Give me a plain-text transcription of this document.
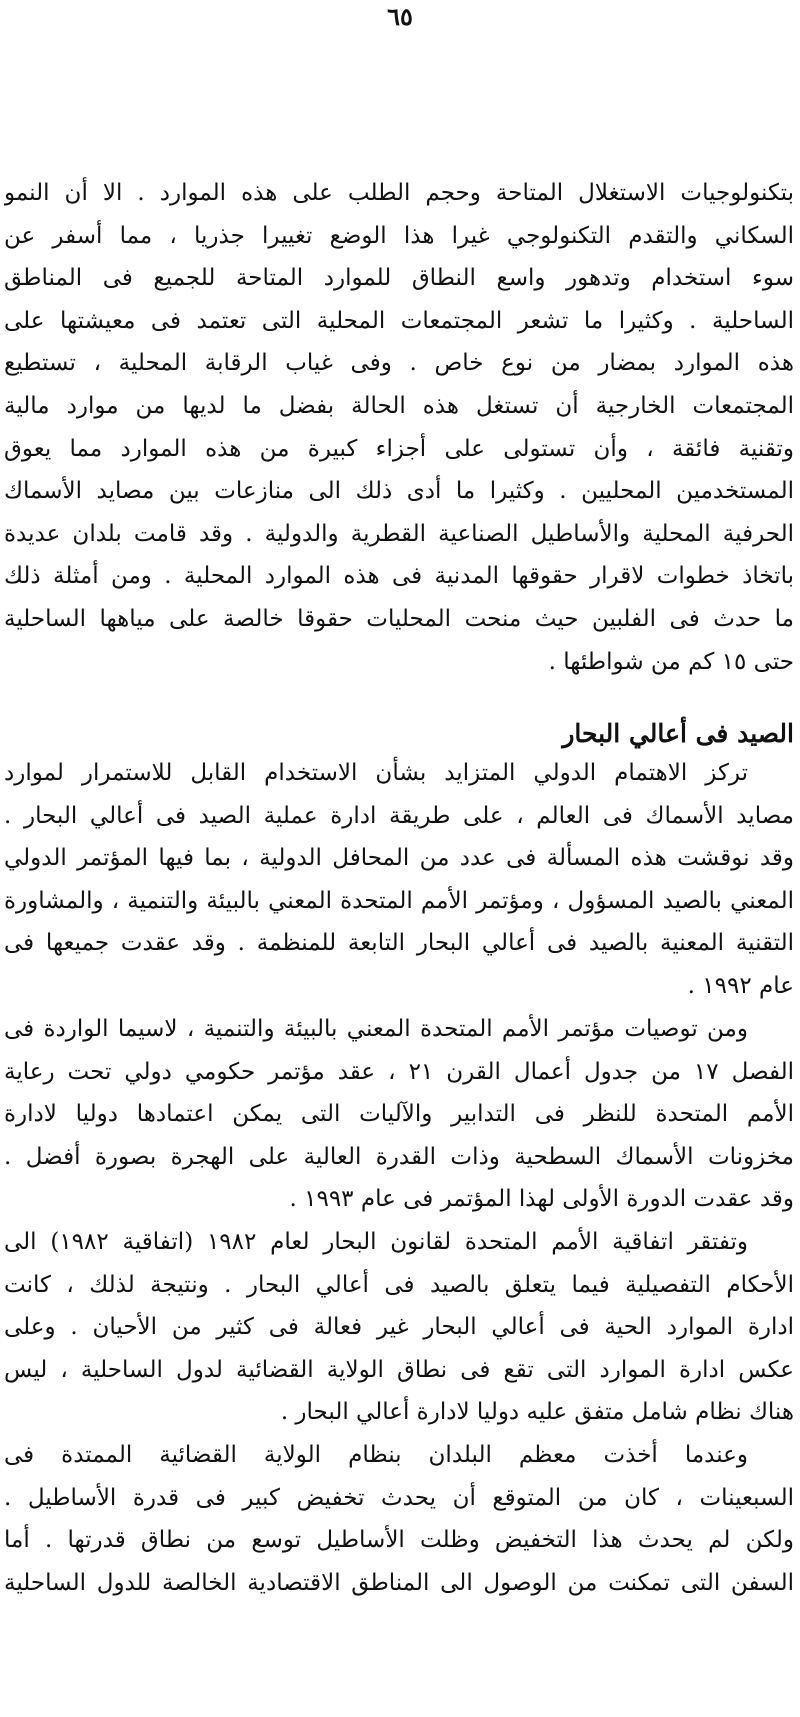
٦٥
بتكنولوجيات الاستغلال المتاحة وحجم الطلب على هذه الموارد . الا أن النمو
السكاني والتقدم التكنولوجي غيرا هذا الوضع تغييرا جذريا ، مما أسفر عن
سوء استخدام وتدهور واسع النطاق للموارد المتاحة للجميع فى المناطق
الساحلية . وكثيرا ما تشعر المجتمعات المحلية التى تعتمد فى معيشتها على
هذه الموارد بمضار من نوع خاص . وفى غياب الرقابة المحلية ، تستطيع
المجتمعات الخارجية أن تستغل هذه الحالة بفضل ما لديها من موارد مالية
وتقنية فائقة ، وأن تستولى على أجزاء كبيرة من هذه الموارد مما يعوق
المستخدمين المحليين . وكثيرا ما أدى ذلك الى منازعات بين مصايد الأسماك
الحرفية المحلية والأساطيل الصناعية القطرية والدولية . وقد قامت بلدان عديدة
باتخاذ خطوات لاقرار حقوقها المدنية فى هذه الموارد المحلية . ومن أمثلة ذلك
ما حدث فى الفلبين حيث منحت المحليات حقوقا خالصة على مياهها الساحلية
حتى ١٥ كم من شواطئها .
الصيد فى أعالي البحار
تركز الاهتمام الدولي المتزايد بشأن الاستخدام القابل للاستمرار لموارد
مصايد الأسماك فى العالم ، على طريقة ادارة عملية الصيد فى أعالي البحار .
وقد نوقشت هذه المسألة فى عدد من المحافل الدولية ، بما فيها المؤتمر الدولي
المعني بالصيد المسؤول ، ومؤتمر الأمم المتحدة المعني بالبيئة والتنمية ، والمشاورة
التقنية المعنية بالصيد فى أعالي البحار التابعة للمنظمة . وقد عقدت جميعها فى
عام ١٩٩٢ .
ومن توصيات مؤتمر الأمم المتحدة المعني بالبيئة والتنمية ، لاسيما الواردة فى
الفصل ١٧ من جدول أعمال القرن ٢١ ، عقد مؤتمر حكومي دولي تحت رعاية
الأمم المتحدة للنظر فى التدابير والآليات التى يمكن اعتمادها دوليا لادارة
مخزونات الأسماك السطحية وذات القدرة العالية على الهجرة بصورة أفضل .
وقد عقدت الدورة الأولى لهذا المؤتمر فى عام ١٩٩٣ .
وتفتقر اتفاقية الأمم المتحدة لقانون البحار لعام ١٩٨٢ (اتفاقية ١٩٨٢) الى
الأحكام التفصيلية فيما يتعلق بالصيد فى أعالي البحار . ونتيجة لذلك ، كانت
ادارة الموارد الحية فى أعالي البحار غير فعالة فى كثير من الأحيان . وعلى
عكس ادارة الموارد التى تقع فى نطاق الولاية القضائية لدول الساحلية ، ليس
هناك نظام شامل متفق عليه دوليا لادارة أعالي البحار .
وعندما أخذت معظم البلدان بنظام الولاية القضائية الممتدة فى
السبعينات ، كان من المتوقع أن يحدث تخفيض كبير فى قدرة الأساطيل .
ولكن لم يحدث هذا التخفيض وظلت الأساطيل توسع من نطاق قدرتها . أما
السفن التى تمكنت من الوصول الى المناطق الاقتصادية الخالصة للدول الساحلية
